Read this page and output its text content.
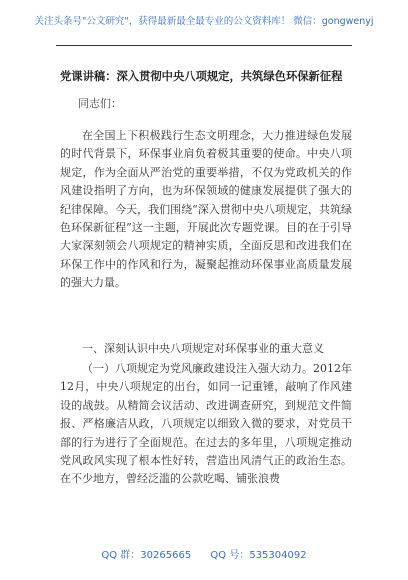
关注头条号"公文研究"，获得最新最全最专业的公文资料库！ 微信：gongwenyj
党课讲稿：深入贯彻中央八项规定，共筑绿色环保新征程
同志们：

在全国上下积极践行生态文明理念，大力推进绿色发展的时代背景下，环保事业肩负着极其重要的使命。中央八项规定，作为全面从严治党的重要举措，不仅为党政机关的作风建设指明了方向，也为环保领域的健康发展提供了强大的纪律保障。今天，我们围绕“深入贯彻中央八项规定，共筑绿色环保新征程”这一主题，开展此次专题党课。目的在于引导大家深刻领会八项规定的精神实质，全面反思和改进我们在环保工作中的作风和行为，凝聚起推动环保事业高质量发展的强大力量。

一、深刻认识中央八项规定对环保事业的重大意义

（一）八项规定为党风廉政建设注入强大动力。2012年12月，中央八项规定的出台，如同一记重锤，敲响了作风建设的战鼓。从精简会议活动、改进调查研究，到规范文件简报、严格廉洁从政，八项规定以细致入微的要求，对党员干部的行为进行了全面规范。在过去的多年里，八项规定推动党风政风实现了根本性好转，营造出风清气正的政治生态。在不少地方，曾经泛滥的公款吃喝、铺张浪费

QQ 群：30265665 QQ 号：535304092
